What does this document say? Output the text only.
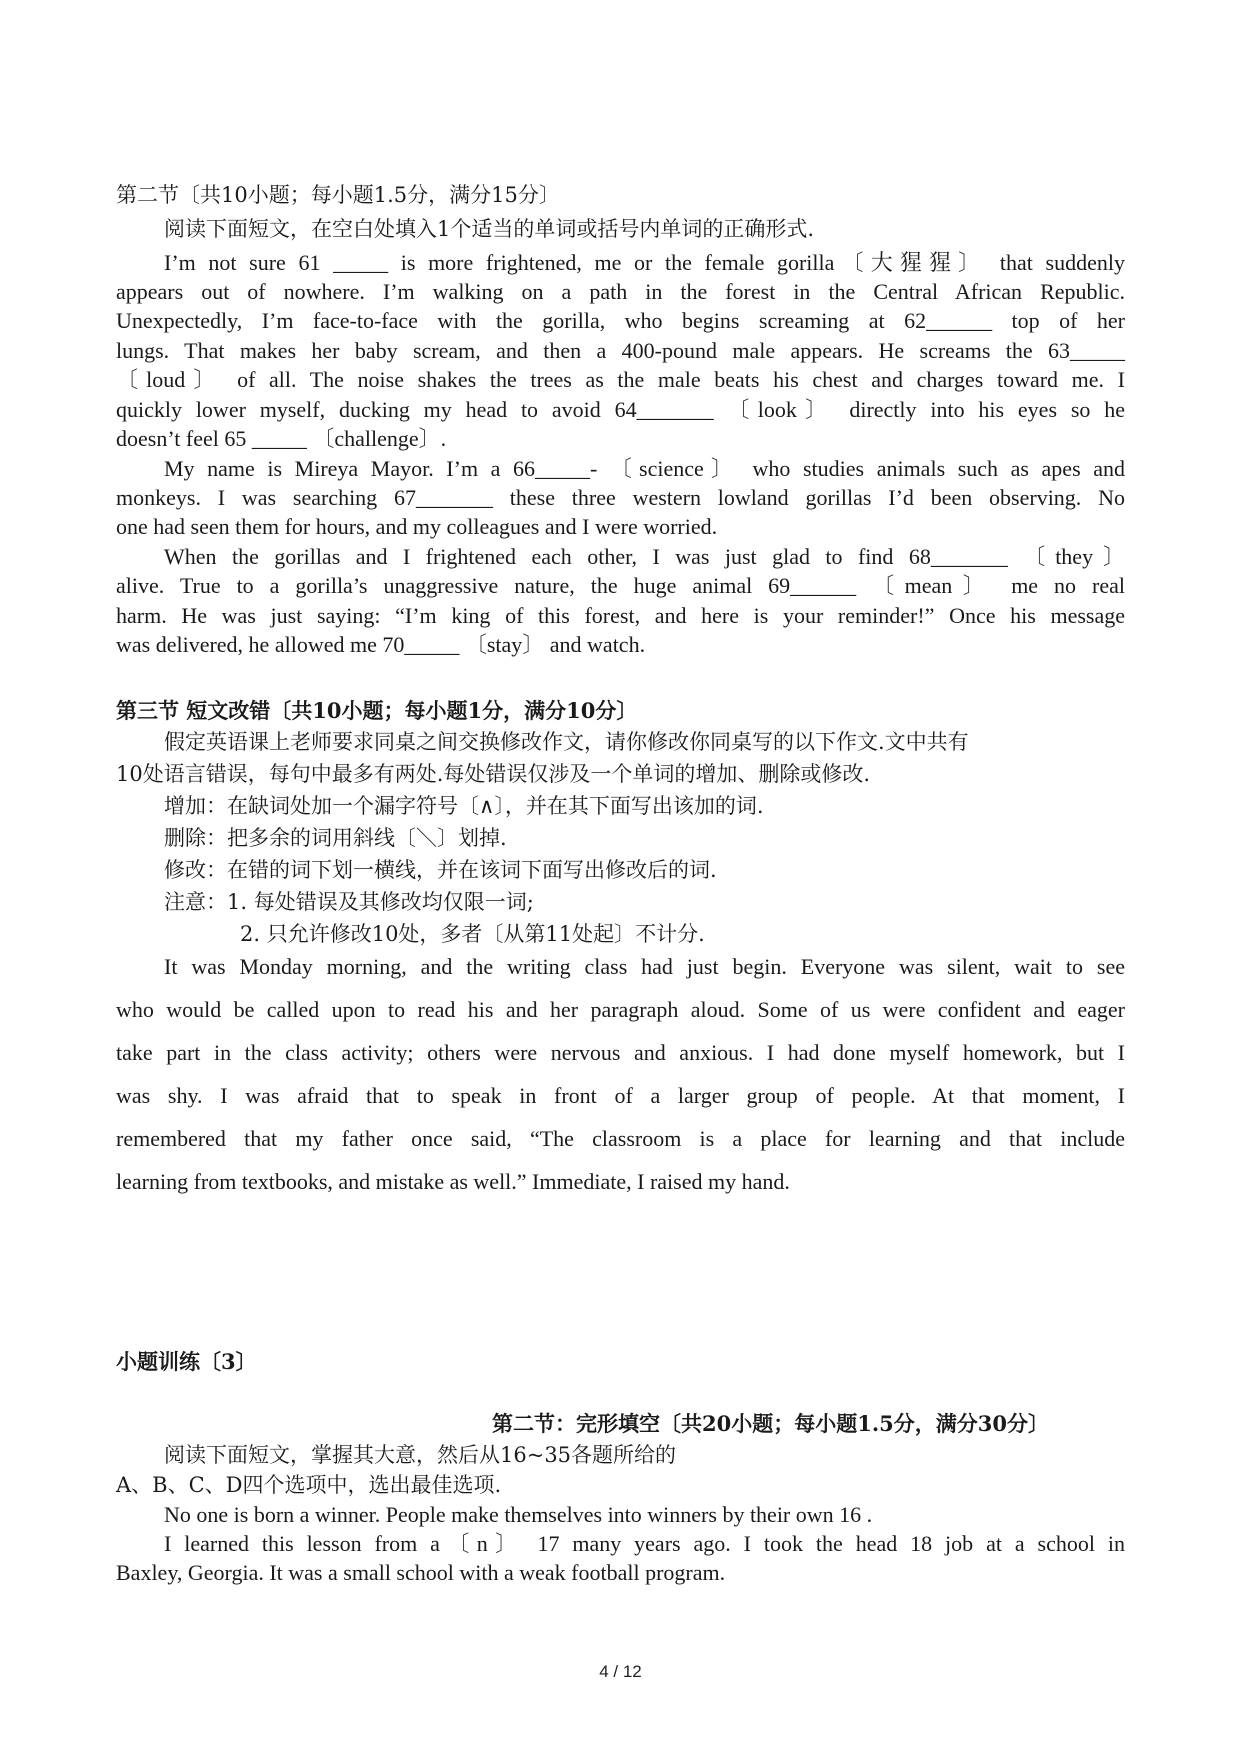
第二节〔共10小题；每小题1.5分，满分15分〕
阅读下面短文，在空白处填入1个适当的单词或括号内单词的正确形式.
I’m not sure 61 _____ is more frightened, me or the female gorilla〔大猩猩〕 that suddenly
appears out of nowhere. I’m walking on a path in the forest in the Central African Republic.
Unexpectedly, I’m face-to-face with the gorilla, who begins screaming at 62______ top of her
lungs. That makes her baby scream, and then a 400-pound male appears. He screams the 63_____
〔loud〕 of all. The noise shakes the trees as the male beats his chest and charges toward me. I
quickly lower myself, ducking my head to avoid 64_______ 〔look〕 directly into his eyes so he
doesn’t feel 65 _____ 〔challenge〕.
My name is Mireya Mayor. I’m a 66_____- 〔science〕 who studies animals such as apes and
monkeys. I was searching 67_______ these three western lowland gorillas I’d been observing. No
one had seen them for hours, and my colleagues and I were worried.
When the gorillas and I frightened each other, I was just glad to find 68_______ 〔they〕
alive. True to a gorilla’s unaggressive nature, the huge animal 69______ 〔mean〕 me no real
harm. He was just saying: “I’m king of this forest, and here is your reminder!” Once his message
was delivered, he allowed me 70_____ 〔stay〕 and watch.
第三节 短文改错〔共10小题；每小题1分，满分10分〕
假定英语课上老师要求同桌之间交换修改作文，请你修改你同桌写的以下作文.文中共有
10处语言错误，每句中最多有两处.每处错误仅涉及一个单词的增加、删除或修改.
增加：在缺词处加一个漏字符号〔∧〕，并在其下面写出该加的词.
删除：把多余的词用斜线〔＼〕划掉.
修改：在错的词下划一横线，并在该词下面写出修改后的词.
注意：1. 每处错误及其修改均仅限一词;
2. 只允许修改10处，多者〔从第11处起〕不计分.
It was Monday morning, and the writing class had just begin. Everyone was silent, wait to see
who would be called upon to read his and her paragraph aloud. Some of us were confident and eager
take part in the class activity; others were nervous and anxious. I had done myself homework, but I
was shy. I was afraid that to speak in front of a larger group of people. At that moment, I
remembered that my father once said, “The classroom is a place for learning and that include
learning from textbooks, and mistake as well.” Immediate, I raised my hand.
小题训练〔3〕
第二节：完形填空〔共20小题；每小题1.5分，满分30分〕
阅读下面短文，掌握其大意，然后从16~35各题所给的
A、B、C、D四个选项中，选出最佳选项.
No one is born a winner. People make themselves into winners by their own 16 .
I learned this lesson from a〔n〕 17 many years ago. I took the head 18 job at a school in
Baxley, Georgia. It was a small school with a weak football program.
4 / 12
